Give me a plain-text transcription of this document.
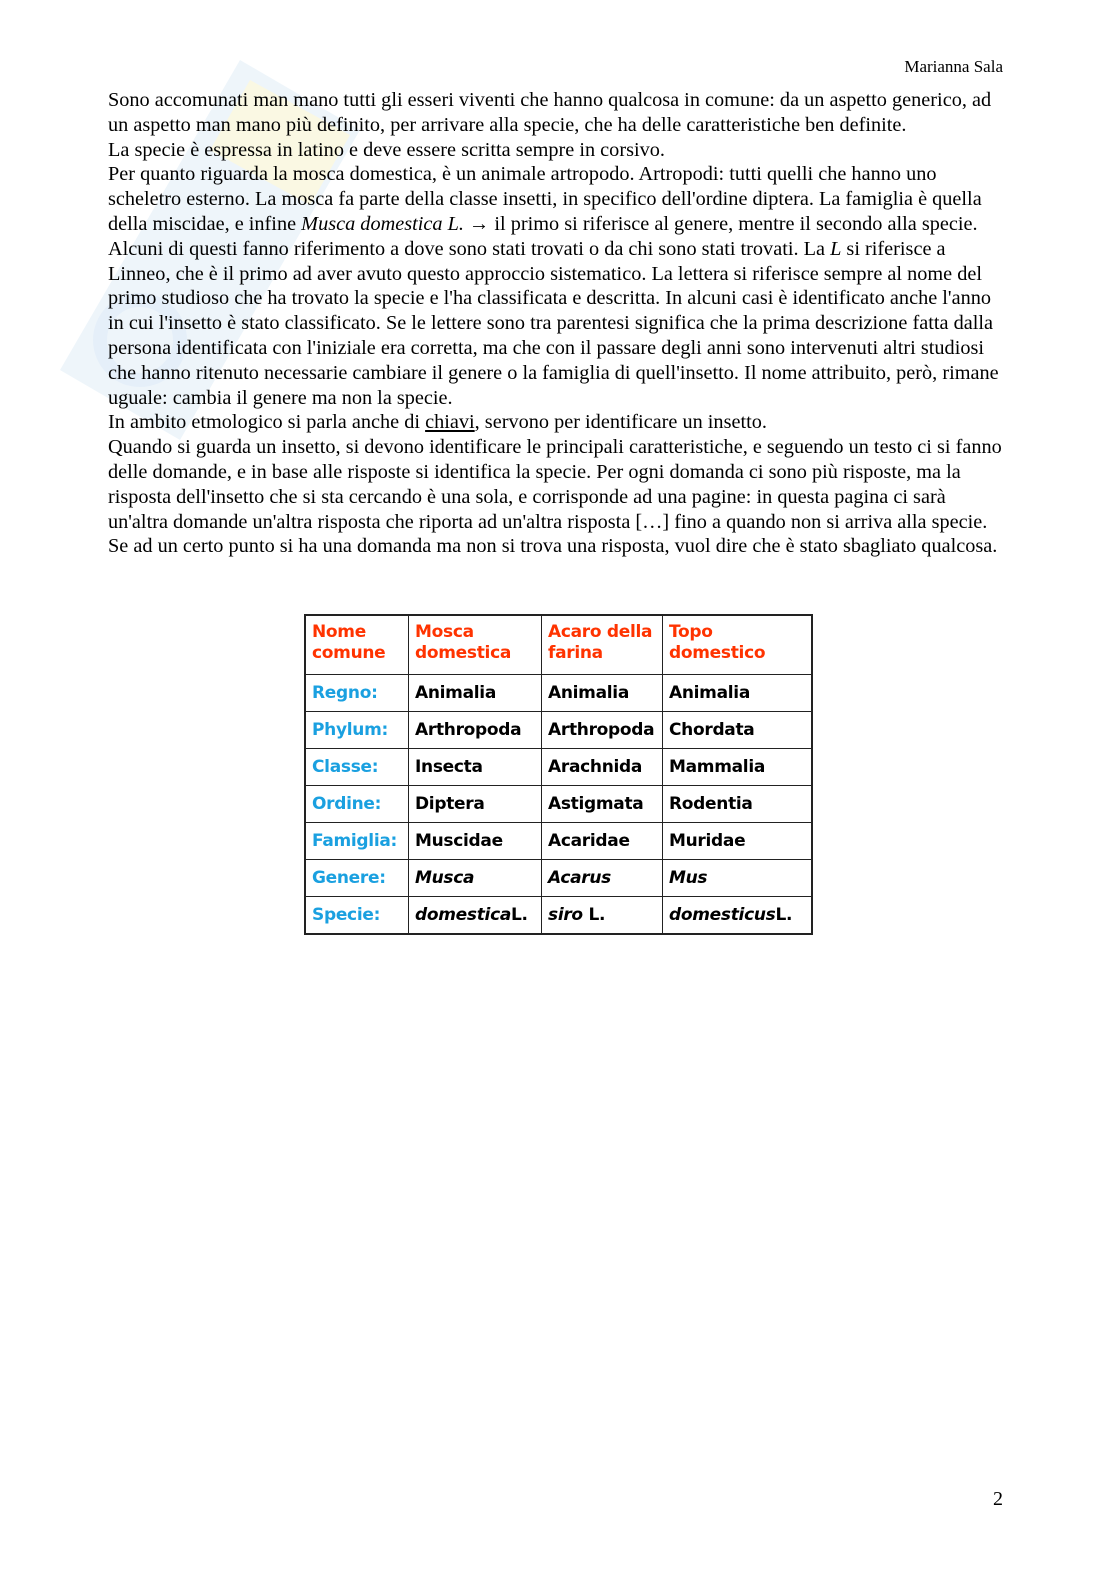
Marianna Sala

Sono accomunati man mano tutti gli esseri viventi che hanno qualcosa in comune: da un aspetto generico, ad un aspetto man mano più definito, per arrivare alla specie, che ha delle caratteristiche ben definite.

La specie è espressa in latino e deve essere scritta sempre in corsivo.

Per quanto riguarda la mosca domestica, è un animale artropodo. Artropodi: tutti quelli che hanno uno scheletro esterno. La mosca fa parte della classe insetti, in specifico dell'ordine diptera. La famiglia è quella della miscidae, e infine Musca domestica L. → il primo si riferisce al genere, mentre il secondo alla specie. Alcuni di questi fanno riferimento a dove sono stati trovati o da chi sono stati trovati. La L si riferisce a Linneo, che è il primo ad aver avuto questo approccio sistematico. La lettera si riferisce sempre al nome del primo studioso che ha trovato la specie e l'ha classificata e descritta. In alcuni casi è identificato anche l'anno in cui l'insetto è stato classificato. Se le lettere sono tra parentesi significa che la prima descrizione fatta dalla persona identificata con l'iniziale era corretta, ma che con il passare degli anni sono intervenuti altri studiosi che hanno ritenuto necessarie cambiare il genere o la famiglia di quell'insetto. Il nome attribuito, però, rimane uguale: cambia il genere ma non la specie.

In ambito etmologico si parla anche di chiavi, servono per identificare un insetto.

Quando si guarda un insetto, si devono identificare le principali caratteristiche, e seguendo un testo ci si fanno delle domande, e in base alle risposte si identifica la specie. Per ogni domanda ci sono più risposte, ma la risposta dell'insetto che si sta cercando è una sola, e corrisponde ad una pagine: in questa pagina ci sarà un'altra domande un'altra risposta che riporta ad un'altra risposta […] fino a quando non si arriva alla specie. Se ad un certo punto si ha una domanda ma non si trova una risposta, vuol dire che è stato sbagliato qualcosa.

Nome comune	Mosca domestica	Acaro della farina	Topo domestico
Regno:	Animalia	Animalia	Animalia
Phylum:	Arthropoda	Arthropoda	Chordata
Classe:	Insecta	Arachnida	Mammalia
Ordine:	Diptera	Astigmata	Rodentia
Famiglia:	Muscidae	Acaridae	Muridae
Genere:	Musca	Acarus	Mus
Specie:	domesticaL.	siro L.	domesticusL.
2
